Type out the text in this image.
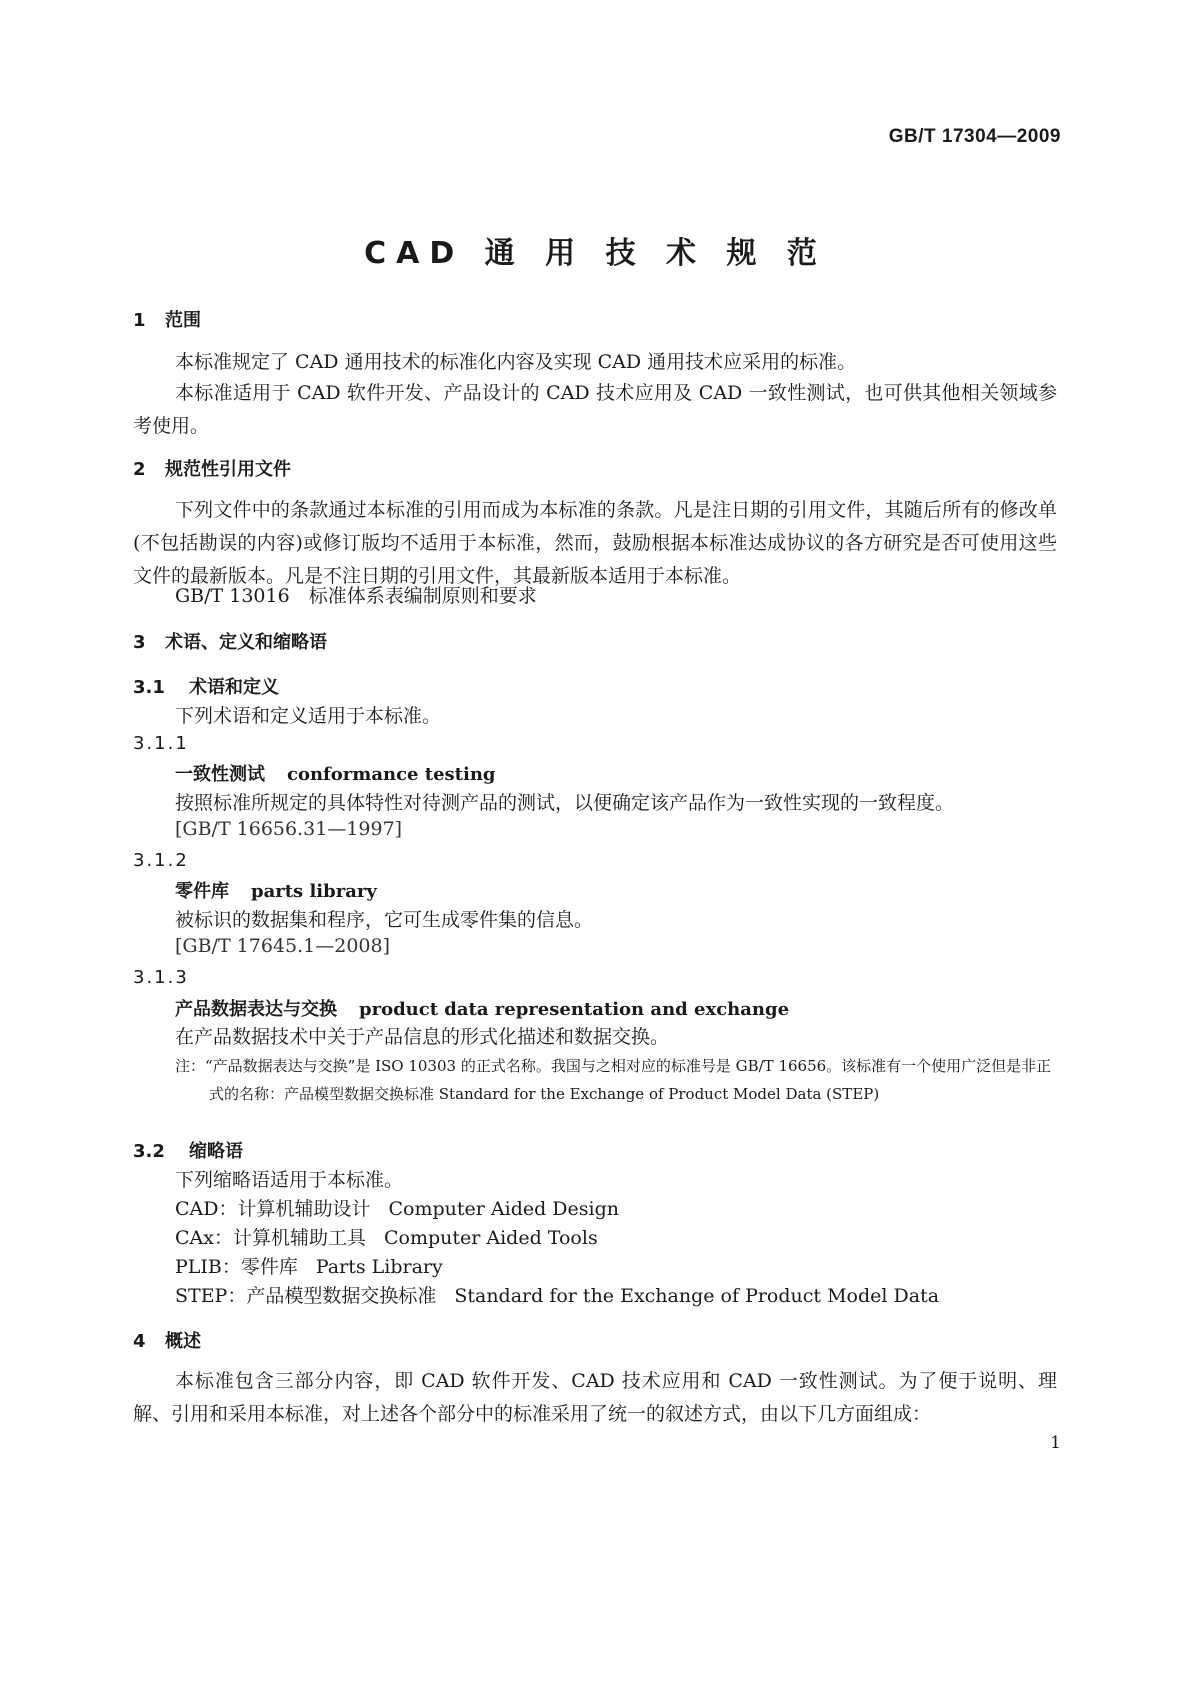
GB/T 17304—2009
CAD 通 用 技 术 规 范
1 范围
本标准规定了 CAD 通用技术的标准化内容及实现 CAD 通用技术应采用的标准。
本标准适用于 CAD 软件开发、产品设计的 CAD 技术应用及 CAD 一致性测试，也可供其他相关领域参考使用。
2 规范性引用文件
下列文件中的条款通过本标准的引用而成为本标准的条款。凡是注日期的引用文件，其随后所有的修改单(不包括勘误的内容)或修订版均不适用于本标准，然而，鼓励根据本标准达成协议的各方研究是否可使用这些文件的最新版本。凡是不注日期的引用文件，其最新版本适用于本标准。
GB/T 13016　标准体系表编制原则和要求
3 术语、定义和缩略语
3.1 术语和定义
下列术语和定义适用于本标准。
3.1.1
一致性测试 conformance testing
按照标准所规定的具体特性对待测产品的测试，以便确定该产品作为一致性实现的一致程度。
[GB/T 16656.31—1997]
3.1.2
零件库 parts library
被标识的数据集和程序，它可生成零件集的信息。
[GB/T 17645.1—2008]
3.1.3
产品数据表达与交换 product data representation and exchange
在产品数据技术中关于产品信息的形式化描述和数据交换。
注：“产品数据表达与交换”是 ISO 10303 的正式名称。我国与之相对应的标准号是 GB/T 16656。该标准有一个使用广泛但是非正式的名称：产品模型数据交换标准 Standard for the Exchange of Product Model Data (STEP)
3.2 缩略语
下列缩略语适用于本标准。
CAD：计算机辅助设计 Computer Aided Design
CAx：计算机辅助工具 Computer Aided Tools
PLIB：零件库 Parts Library
STEP：产品模型数据交换标准 Standard for the Exchange of Product Model Data
4 概述
本标准包含三部分内容，即 CAD 软件开发、CAD 技术应用和 CAD 一致性测试。为了便于说明、理解、引用和采用本标准，对上述各个部分中的标准采用了统一的叙述方式，由以下几方面组成：
1
